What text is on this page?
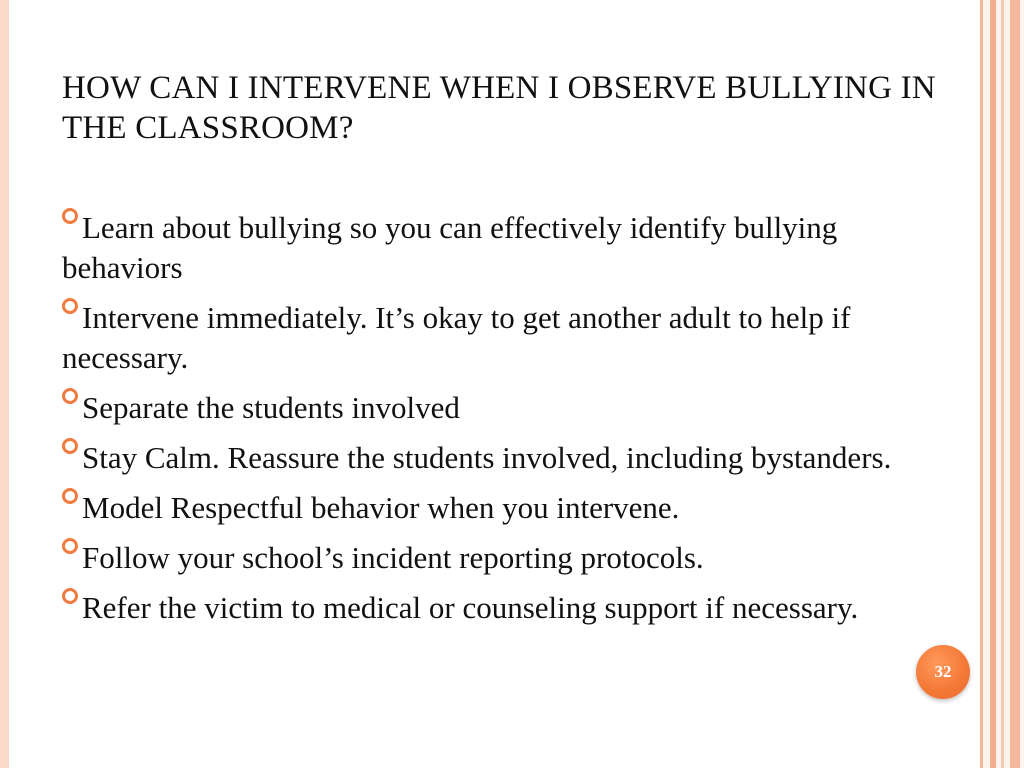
HOW CAN I INTERVENE WHEN I OBSERVE BULLYING IN THE CLASSROOM?
Learn about bullying so you can effectively identify bullying behaviors
Intervene immediately. It’s okay to get another adult to help if necessary.
Separate the students involved
Stay Calm. Reassure the students involved, including bystanders.
Model Respectful behavior when you intervene.
Follow your school’s incident reporting protocols.
Refer the victim to medical or counseling support if necessary.
32
